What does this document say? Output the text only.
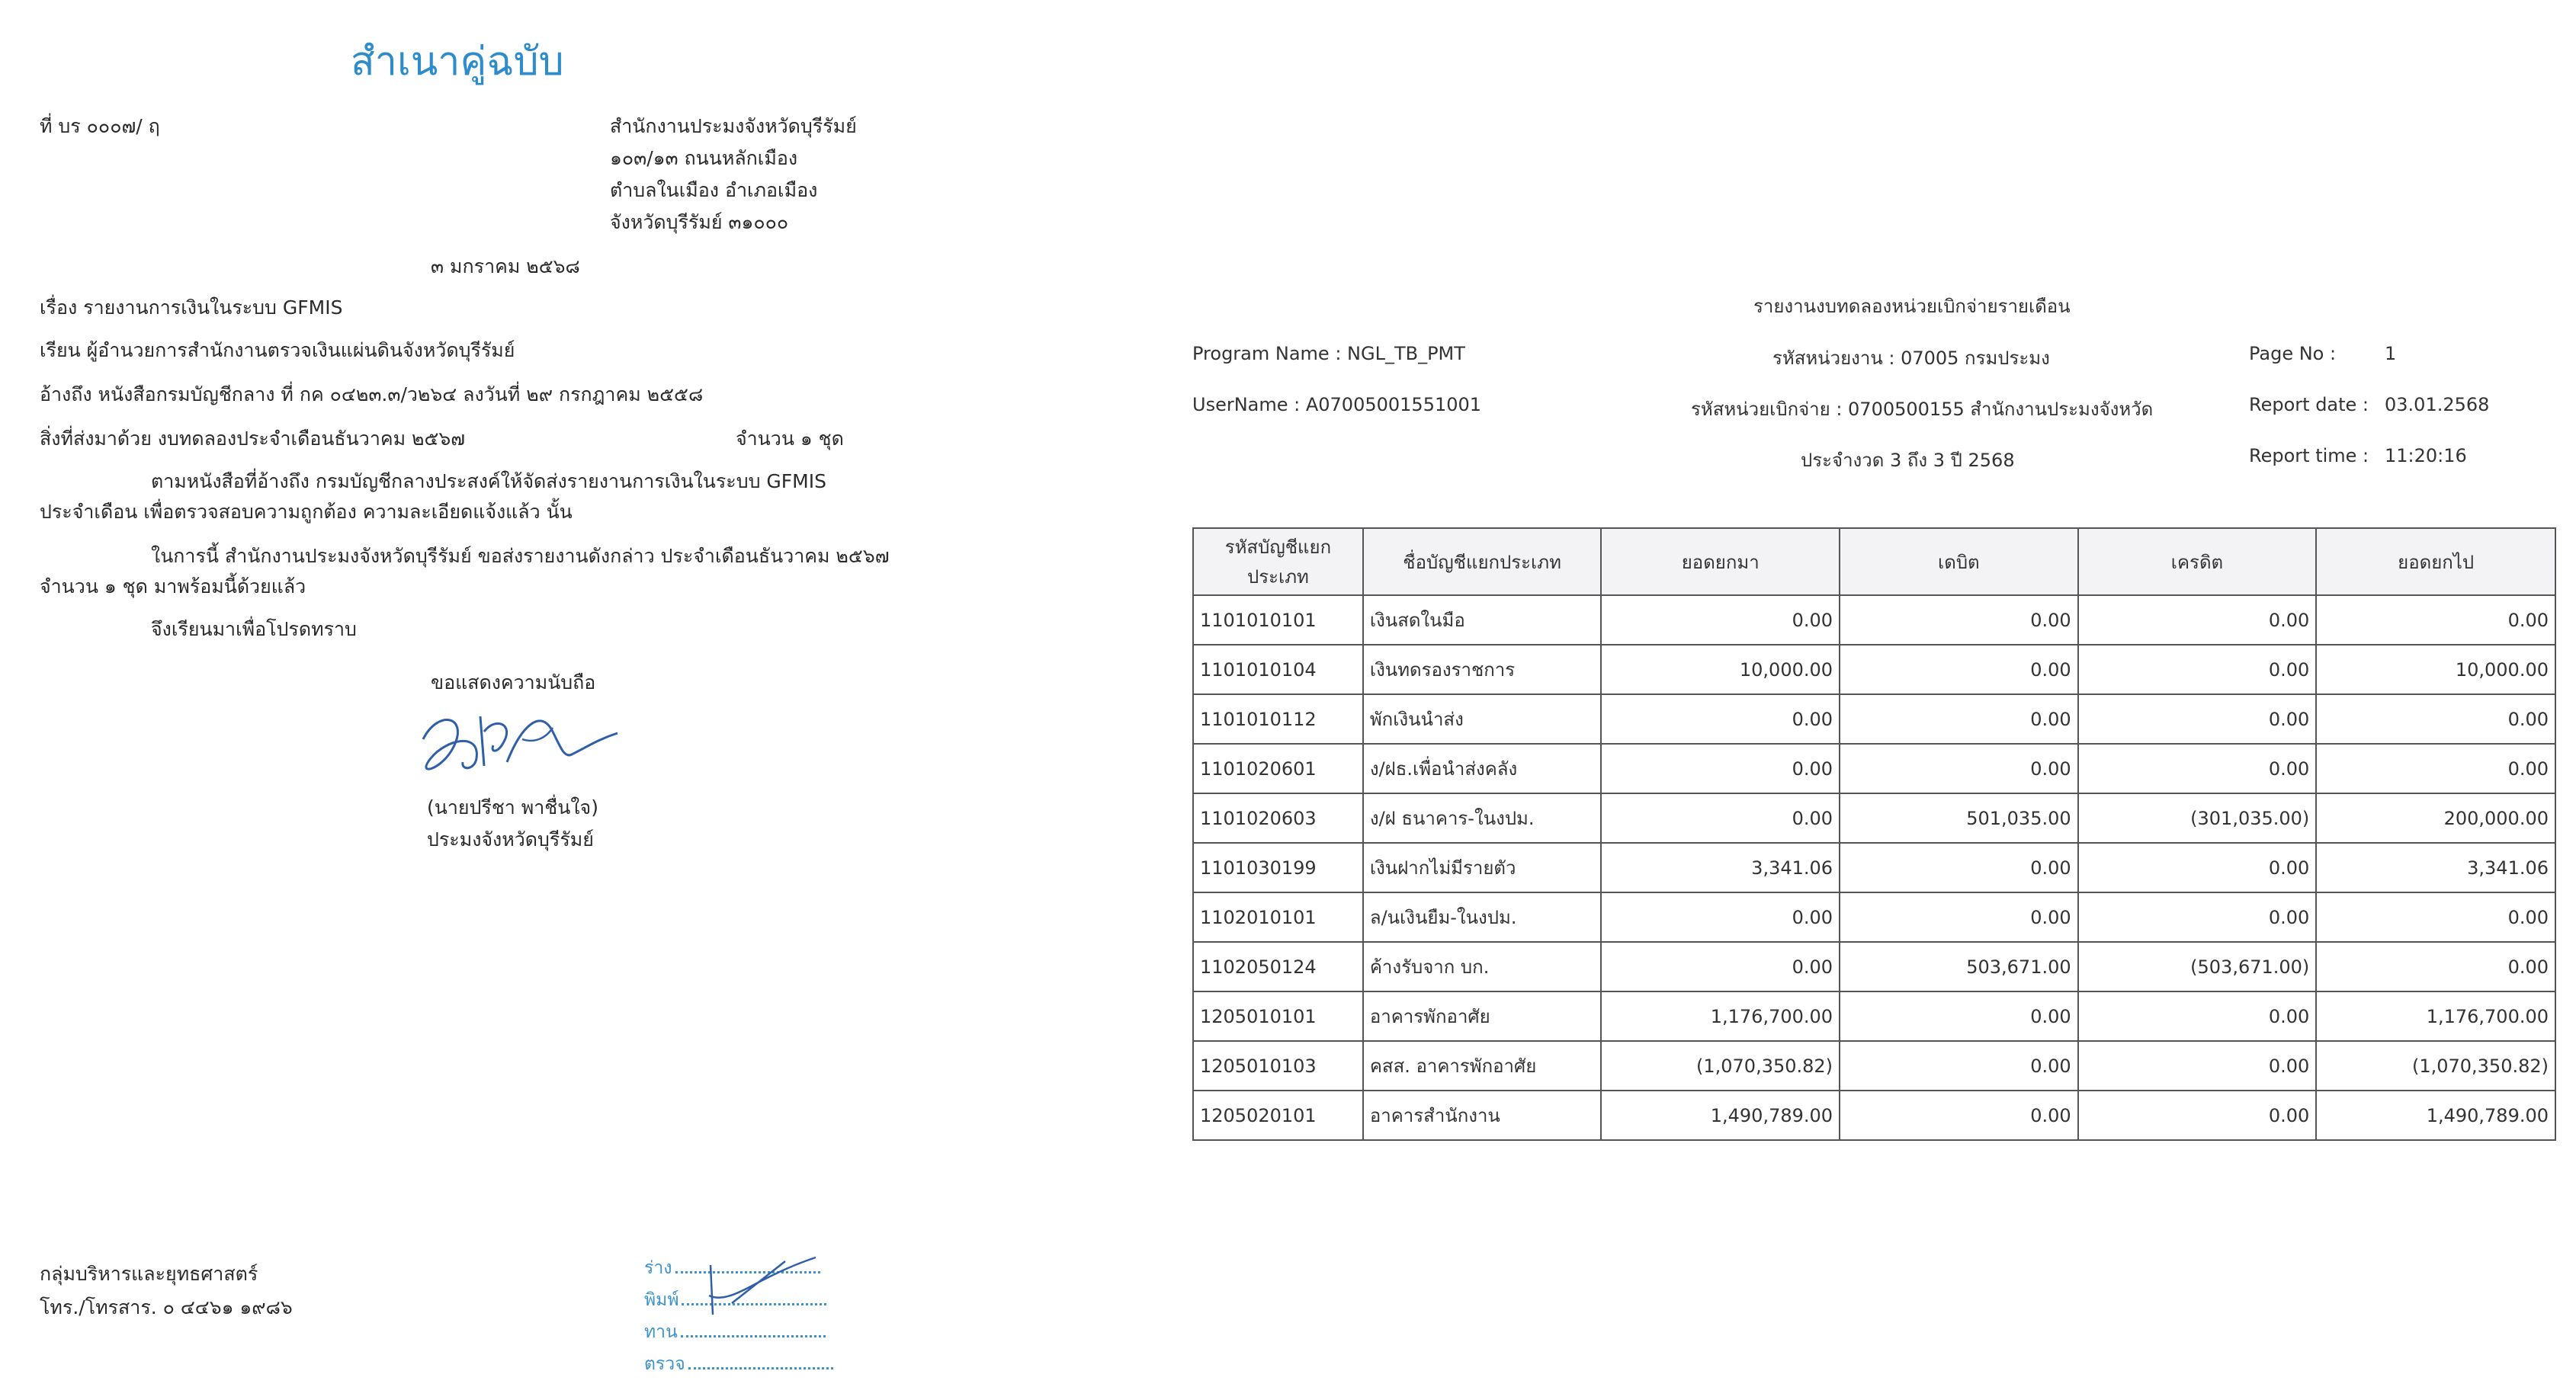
สำเนาคู่ฉบับ
ที่ บร ๐๐๐๗/ ฤ	สำนักงานประมงจังหวัดบุรีรัมย์
๑๐๓/๑๓ ถนนหลักเมือง
ตำบลในเมือง อำเภอเมือง
จังหวัดบุรีรัมย์ ๓๑๐๐๐
๓ มกราคม ๒๕๖๘
เรื่อง รายงานการเงินในระบบ GFMIS
เรียน ผู้อำนวยการสำนักงานตรวจเงินแผ่นดินจังหวัดบุรีรัมย์
อ้างถึง หนังสือกรมบัญชีกลาง ที่ กค ๐๔๒๓.๓/ว๒๖๔ ลงวันที่ ๒๙ กรกฎาคม ๒๕๕๘
สิ่งที่ส่งมาด้วย งบทดลองประจำเดือนธันวาคม ๒๕๖๗	จำนวน ๑ ชุด
ตามหนังสือที่อ้างถึง กรมบัญชีกลางประสงค์ให้จัดส่งรายงานการเงินในระบบ GFMIS
ประจำเดือน เพื่อตรวจสอบความถูกต้อง ความละเอียดแจ้งแล้ว นั้น
ในการนี้ สำนักงานประมงจังหวัดบุรีรัมย์ ขอส่งรายงานดังกล่าว ประจำเดือนธันวาคม ๒๕๖๗
จำนวน ๑ ชุด มาพร้อมนี้ด้วยแล้ว
จึงเรียนมาเพื่อโปรดทราบ
ขอแสดงความนับถือ
(นายปรีชา พาชื่นใจ)
ประมงจังหวัดบุรีรัมย์
กลุ่มบริหารและยุทธศาสตร์
โทร./โทรสาร. ๐ ๔๔๖๑ ๑๙๘๖
ร่าง
พิมพ์
ทาน
ตรวจ
รายงานงบทดลองหน่วยเบิกจ่ายรายเดือน
Program Name : NGL_TB_PMT	รหัสหน่วยงาน : 07005 กรมประมง	Page No :	1
UserName : A07005001551001	รหัสหน่วยเบิกจ่าย : 0700500155 สำนักงานประมงจังหวัด	Report date : 03.01.2568
ประจำงวด 3 ถึง 3 ปี 2568	Report time : 11:20:16
รหัสบัญชีแยกประเภท	ชื่อบัญชีแยกประเภท	ยอดยกมา	เดบิต	เครดิต	ยอดยกไป
1101010101	เงินสดในมือ	0.00	0.00	0.00	0.00
1101010104	เงินทดรองราชการ	10,000.00	0.00	0.00	10,000.00
1101010112	พักเงินนำส่ง	0.00	0.00	0.00	0.00
1101020601	ง/ฝธ.เพื่อนำส่งคลัง	0.00	0.00	0.00	0.00
1101020603	ง/ฝ ธนาคาร-ในงปม.	0.00	501,035.00	(301,035.00)	200,000.00
1101030199	เงินฝากไม่มีรายตัว	3,341.06	0.00	0.00	3,341.06
1102010101	ล/นเงินยืม-ในงปม.	0.00	0.00	0.00	0.00
1102050124	ค้างรับจาก บก.	0.00	503,671.00	(503,671.00)	0.00
1205010101	อาคารพักอาศัย	1,176,700.00	0.00	0.00	1,176,700.00
1205010103	คสส. อาคารพักอาศัย	(1,070,350.82)	0.00	0.00	(1,070,350.82)
1205020101	อาคารสำนักงาน	1,490,789.00	0.00	0.00	1,490,789.00
